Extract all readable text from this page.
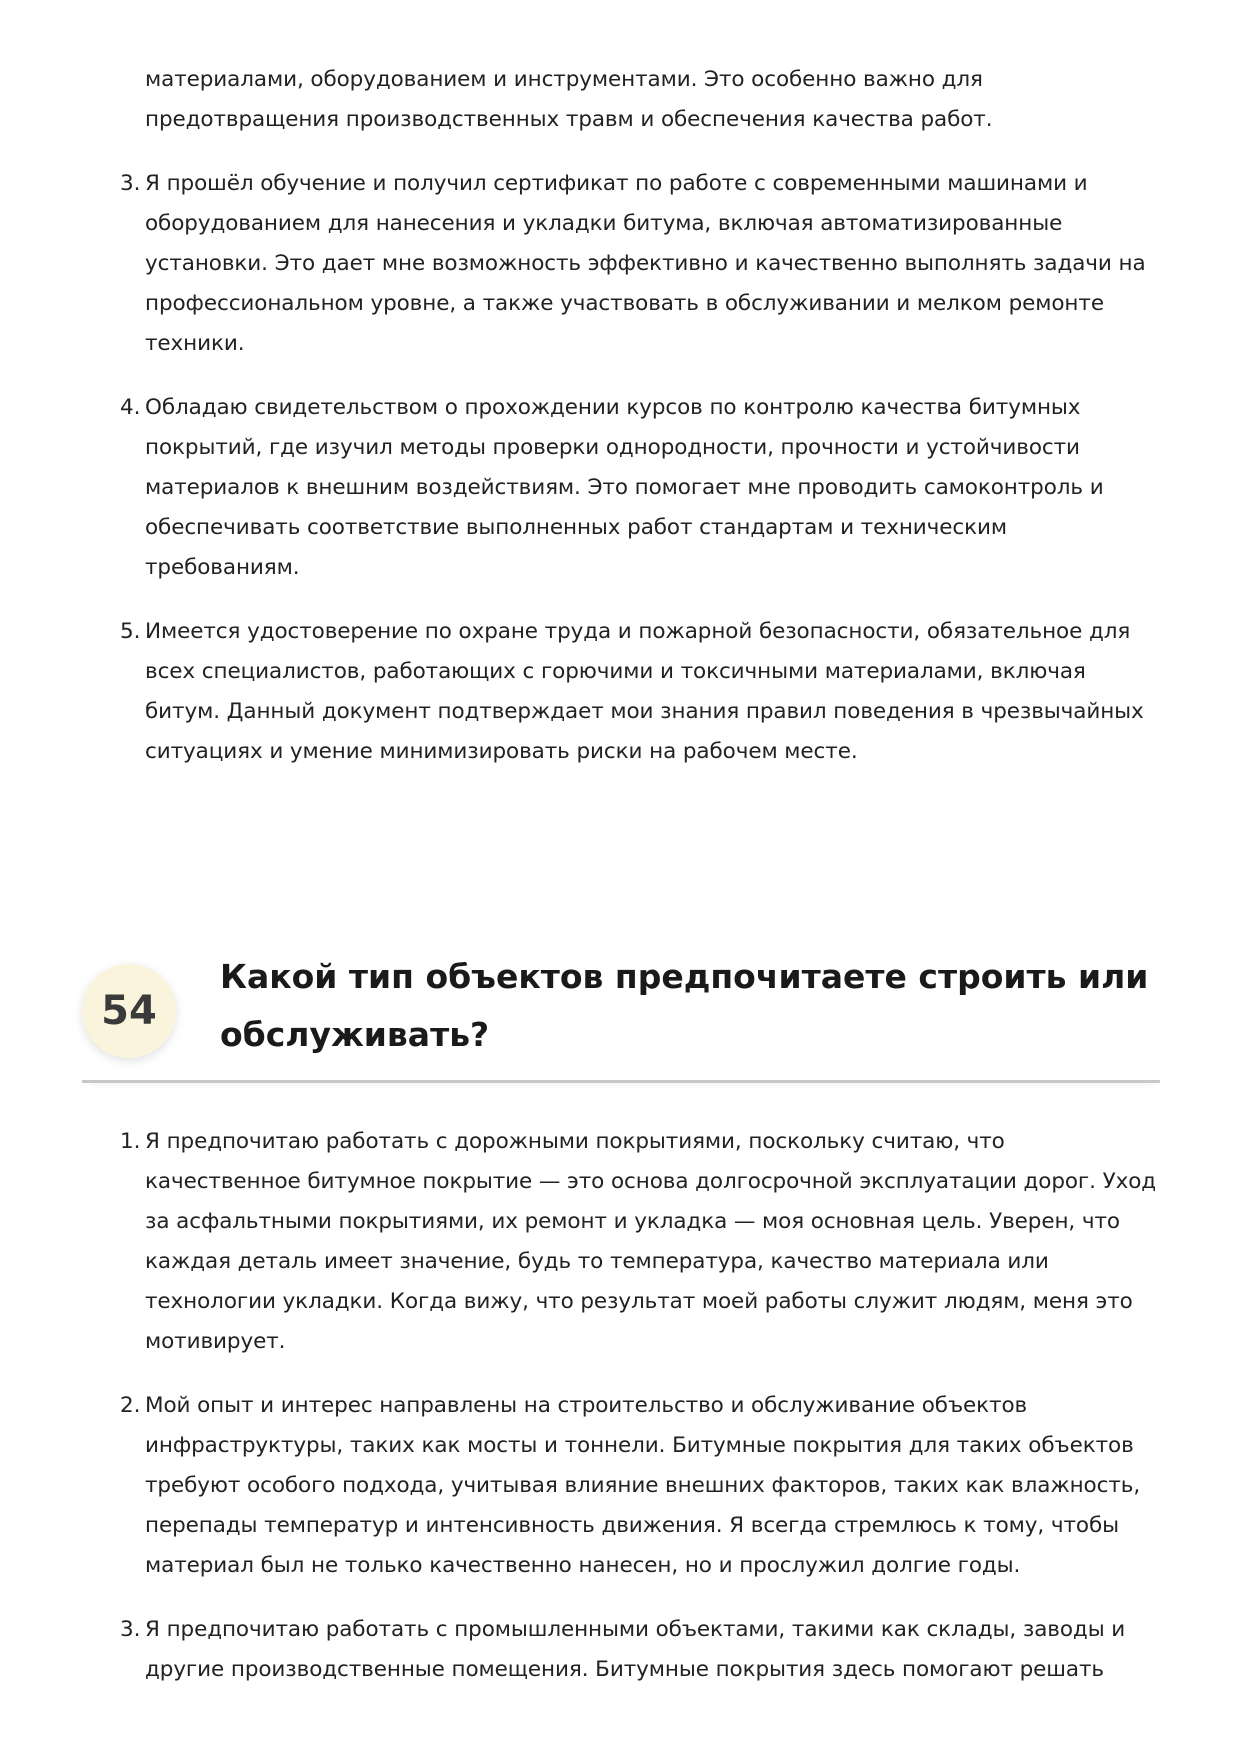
материалами, оборудованием и инструментами. Это особенно важно для предотвращения производственных травм и обеспечения качества работ.
3. Я прошёл обучение и получил сертификат по работе с современными машинами и оборудованием для нанесения и укладки битума, включая автоматизированные установки. Это дает мне возможность эффективно и качественно выполнять задачи на профессиональном уровне, а также участвовать в обслуживании и мелком ремонте техники.
4. Обладаю свидетельством о прохождении курсов по контролю качества битумных покрытий, где изучил методы проверки однородности, прочности и устойчивости материалов к внешним воздействиям. Это помогает мне проводить самоконтроль и обеспечивать соответствие выполненных работ стандартам и техническим требованиям.
5. Имеется удостоверение по охране труда и пожарной безопасности, обязательное для всех специалистов, работающих с горючими и токсичными материалами, включая битум. Данный документ подтверждает мои знания правил поведения в чрезвычайных ситуациях и умение минимизировать риски на рабочем месте.
54
Какой тип объектов предпочитаете строить или обслуживать?
1. Я предпочитаю работать с дорожными покрытиями, поскольку считаю, что качественное битумное покрытие — это основа долгосрочной эксплуатации дорог. Уход за асфальтными покрытиями, их ремонт и укладка — моя основная цель. Уверен, что каждая деталь имеет значение, будь то температура, качество материала или технологии укладки. Когда вижу, что результат моей работы служит людям, меня это мотивирует.
2. Мой опыт и интерес направлены на строительство и обслуживание объектов инфраструктуры, таких как мосты и тоннели. Битумные покрытия для таких объектов требуют особого подхода, учитывая влияние внешних факторов, таких как влажность, перепады температур и интенсивность движения. Я всегда стремлюсь к тому, чтобы материал был не только качественно нанесен, но и прослужил долгие годы.
3. Я предпочитаю работать с промышленными объектами, такими как склады, заводы и другие производственные помещения. Битумные покрытия здесь помогают решать
